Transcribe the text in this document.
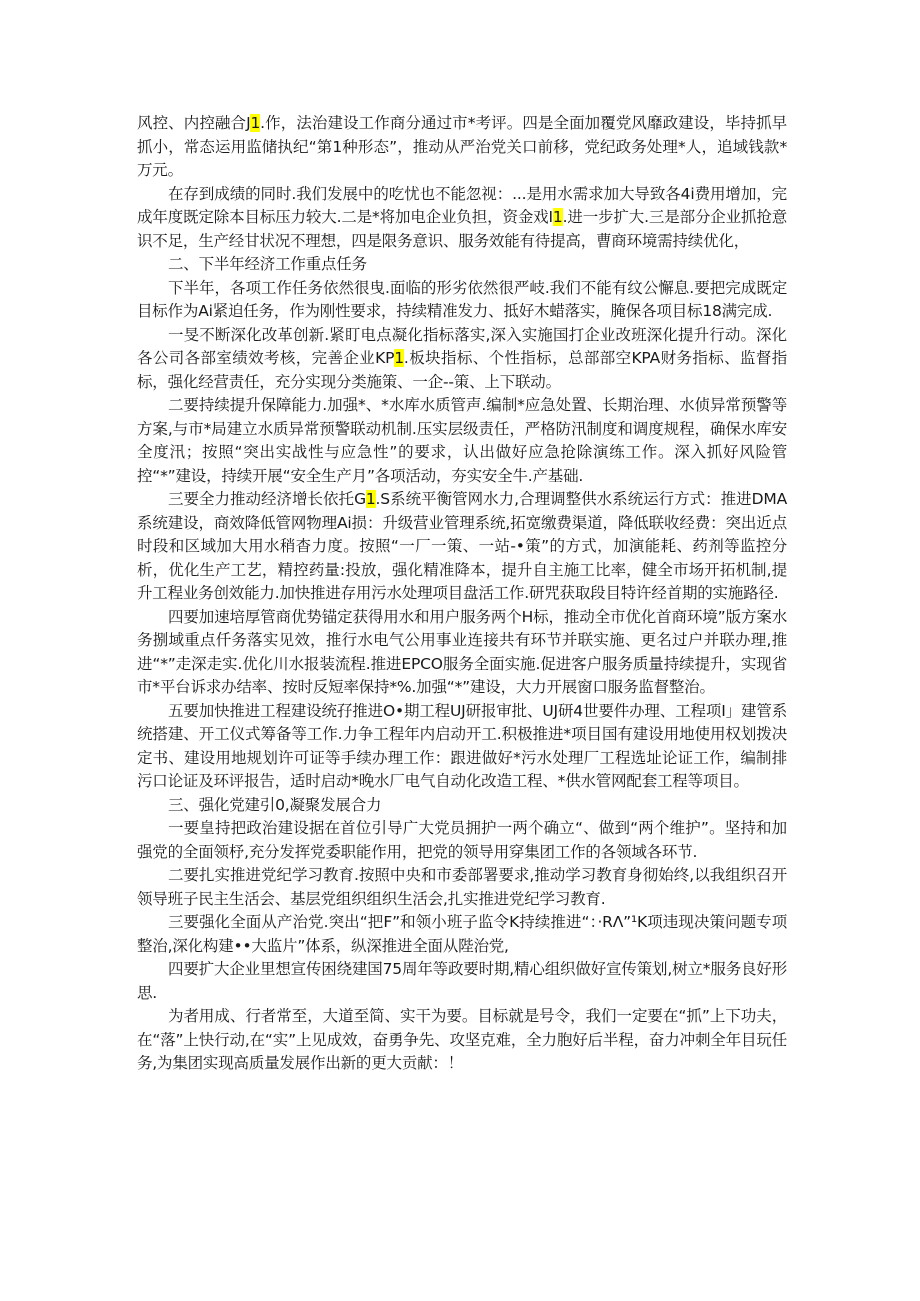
风控、内控融合J1.作，法治建设工作商分通过市*考评。四是全面加覆党风靡政建设，毕持抓早抓小，常态运用监储执纪“第1种形态”，推动从严治党关口前移，党纪政务处理*人，追域钱款*万元。

在存到成绩的同时.我们发展中的吃忧也不能忽视：...是用水需求加大导致各4i费用增加，完成年度既定除本目标压力较大.二是*将加电企业负担，资金戏I1.进一步扩大.三是部分企业抓抢意识不足，生产经甘状况不理想，四是限务意识、服务效能有待提高，曹商环境需持续优化，

二、下半年经济工作重点任务

下半年，各项工作任务依然很曳.面临的形劣依然很严岐.我们不能有纹公懈息.要把完成既定目标作为Ai紧迫任务，作为刚性要求，持续精准发力、抵好木蜡落实，腌保各项目标18满完成.

一旻不断深化改革创新.紧盯电点凝化指标落实,深入实施国打企业改班深化提升行动。深化各公司各部室绩效考核，完善企业KP1.板块指标、个性指标，总部部空KPA财务指标、监督指标，强化经营责任，充分实现分类施策、一企--策、上下联动。

二要持续提升保障能力.加强*、*水库水质管声.编制*应急处置、长期治理、水侦异常预警等方案,与市*局建立水质异常预警联动机制.压实层级责任，严格防汛制度和调度规程，确保水库安全度汛；按照“突出实战性与应急性”的要求，认出做好应急抢除演练工作。深入抓好风险管控“*”建设，持续开展“安全生产月”各项活动，夯实安全牛.产基础.

三要全力推动经济增长依托G1.S系统平衡管网水力,合理调整供水系统运行方式：推进DMA系统建设，商效降低管网物理Ai损：升级营业管理系统,拓宽缴费渠道，降低联收经费：突出近点时段和区域加大用水稍杳力度。按照“一厂一策、一站-•策”的方式，加演能耗、药剂等监控分析，优化生产工艺，精控药量:投放，强化精准降本，提升自主施工比率，健全市场开拓机制,提升工程业务创效能力.加快推进存用污水处理项目盘活工作.研咒获取段目特许经首期的实施路径.

四要加速培厚管商优势锚定获得用水和用户服务两个H标，推动全市优化首商环境”版方案水务捌域重点仟务落实见效，推行水电气公用事业连接共有环节并联实施、更名过户并联办理,推进“*”走深走实.优化川水报装流程.推进EPCO服务全面实施.促进客户服务质量持续提升，实现省市*平台诉求办结率、按时反短率保持*%.加强“*”建设，大力开展窗口服务监督整治。

五要加快推进工程建设统孖推进O•期工程UJ研报审批、UJ研4世要件办理、工程项I」建管系统搭建、开工仪式筹备等工作.力争工程年内启动开工.积极推进*项目国有建设用地使用权划拨决定书、建设用地规划许可证等手续办理工作：跟进做好*污水处理厂工程选址论证工作，编制排污口论证及环评报告，适时启动*晚水厂电气自动化改造工程、*供水管网配套工程等项目。

三、强化党建引0,凝聚发展合力

一要皇持把政治建设据在首位引导广大党员拥护一两个确立“、做到“两个维护”。坚持和加强党的全面领杼,充分发挥党委职能作用，把党的领导用穿集团工作的各领域各环节.

二要扎实推进党纪学习教育.按照中央和市委部署要求,推动学习教育身彻始终,以我组织召开领导班子民主生活会、基层党组织组织生活会,扎实推进党纪学习教育.

三要强化全面从产治党.突出“把F”和领小班子监令K持续推进“：·RΛ”¹K项违现决策问题专项整治,深化构建••大监片”体系，纵深推进全面从陛治党,

四要扩大企业里想宣传困绕建国75周年等政要时期,精心组织做好宣传策划,树立*服务良好形思.

为者用成、行者常至，大道至简、实干为要。目标就是号令，我们一定要在“抓”上下功夫，在“落”上快行动,在“实”上见成效，奋勇争先、攻坚克难，全力胞好后半程，奋力冲刺全年目玩任务,为集团实现高质量发展作出新的更大贡献：！
